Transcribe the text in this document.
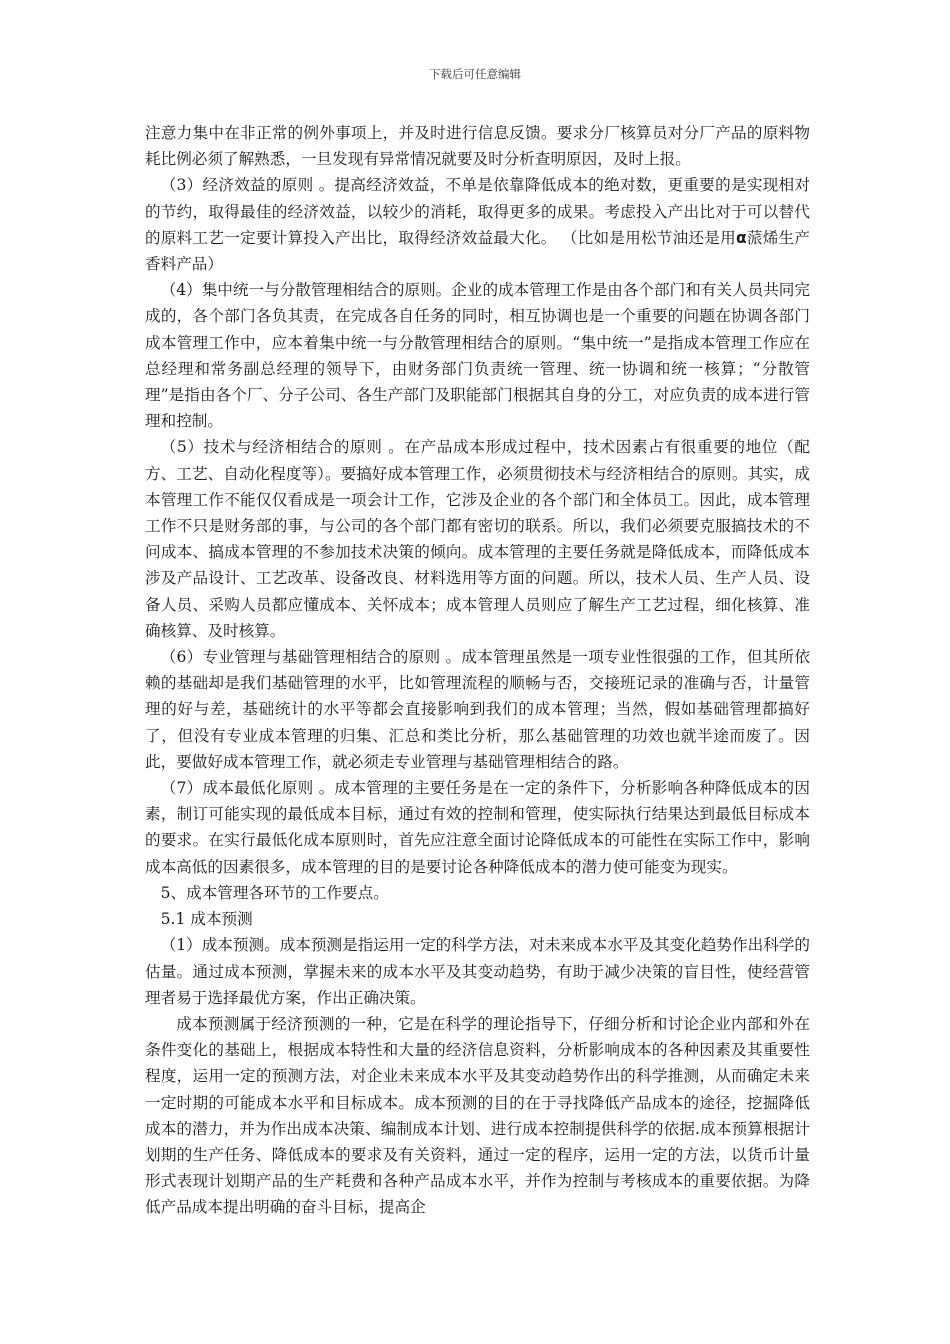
下载后可任意编辑

注意力集中在非正常的例外事项上，并及时进行信息反馈。要求分厂核算员对分厂产品的原料物耗比例必须了解熟悉，一旦发现有异常情况就要及时分析查明原因，及时上报。

（3）经济效益的原则 。提高经济效益，不单是依靠降低成本的绝对数，更重要的是实现相对的节约，取得最佳的经济效益，以较少的消耗，取得更多的成果。考虑投入产出比对于可以替代的原料工艺一定要计算投入产出比，取得经济效益最大化。 （比如是用松节油还是用α蒎烯生产香料产品）

（4）集中统一与分散管理相结合的原则。企业的成本管理工作是由各个部门和有关人员共同完成的，各个部门各负其责，在完成各自任务的同时，相互协调也是一个重要的问题在协调各部门成本管理工作中，应本着集中统一与分散管理相结合的原则。“集中统一”是指成本管理工作应在总经理和常务副总经理的领导下，由财务部门负责统一管理、统一协调和统一核算；“分散管理”是指由各个厂、分子公司、各生产部门及职能部门根据其自身的分工，对应负责的成本进行管理和控制。

（5）技术与经济相结合的原则 。在产品成本形成过程中，技术因素占有很重要的地位（配方、工艺、自动化程度等）。要搞好成本管理工作，必须贯彻技术与经济相结合的原则。其实，成本管理工作不能仅仅看成是一项会计工作，它涉及企业的各个部门和全体员工。因此，成本管理工作不只是财务部的事，与公司的各个部门都有密切的联系。所以，我们必须要克服搞技术的不问成本、搞成本管理的不参加技术决策的倾向。成本管理的主要任务就是降低成本，而降低成本涉及产品设计、工艺改革、设备改良、材料选用等方面的问题。所以，技术人员、生产人员、设备人员、采购人员都应懂成本、关怀成本；成本管理人员则应了解生产工艺过程，细化核算、准确核算、及时核算。

（6）专业管理与基础管理相结合的原则 。成本管理虽然是一项专业性很强的工作，但其所依赖的基础却是我们基础管理的水平，比如管理流程的顺畅与否，交接班记录的准确与否，计量管理的好与差，基础统计的水平等都会直接影响到我们的成本管理；当然，假如基础管理都搞好了，但没有专业成本管理的归集、汇总和类比分析，那么基础管理的功效也就半途而废了。因此，要做好成本管理工作，就必须走专业管理与基础管理相结合的路。

（7）成本最低化原则 。成本管理的主要任务是在一定的条件下，分析影响各种降低成本的因素，制订可能实现的最低成本目标，通过有效的控制和管理，使实际执行结果达到最低目标成本的要求。在实行最低化成本原则时，首先应注意全面讨论降低成本的可能性在实际工作中，影响成本高低的因素很多，成本管理的目的是要讨论各种降低成本的潜力使可能变为现实。

5、成本管理各环节的工作要点。

5.1 成本预测

（1）成本预测。成本预测是指运用一定的科学方法，对未来成本水平及其变化趋势作出科学的估量。通过成本预测，掌握未来的成本水平及其变动趋势，有助于减少决策的盲目性，使经营管理者易于选择最优方案，作出正确决策。

成本预测属于经济预测的一种，它是在科学的理论指导下，仔细分析和讨论企业内部和外在条件变化的基础上，根据成本特性和大量的经济信息资料，分析影响成本的各种因素及其重要性程度，运用一定的预测方法，对企业未来成本水平及其变动趋势作出的科学推测，从而确定未来一定时期的可能成本水平和目标成本。成本预测的目的在于寻找降低产品成本的途径，挖掘降低成本的潜力，并为作出成本决策、编制成本计划、进行成本控制提供科学的依据.成本预算根据计划期的生产任务、降低成本的要求及有关资料，通过一定的程序，运用一定的方法，以货币计量形式表现计划期产品的生产耗费和各种产品成本水平，并作为控制与考核成本的重要依据。为降低产品成本提出明确的奋斗目标，提高企
